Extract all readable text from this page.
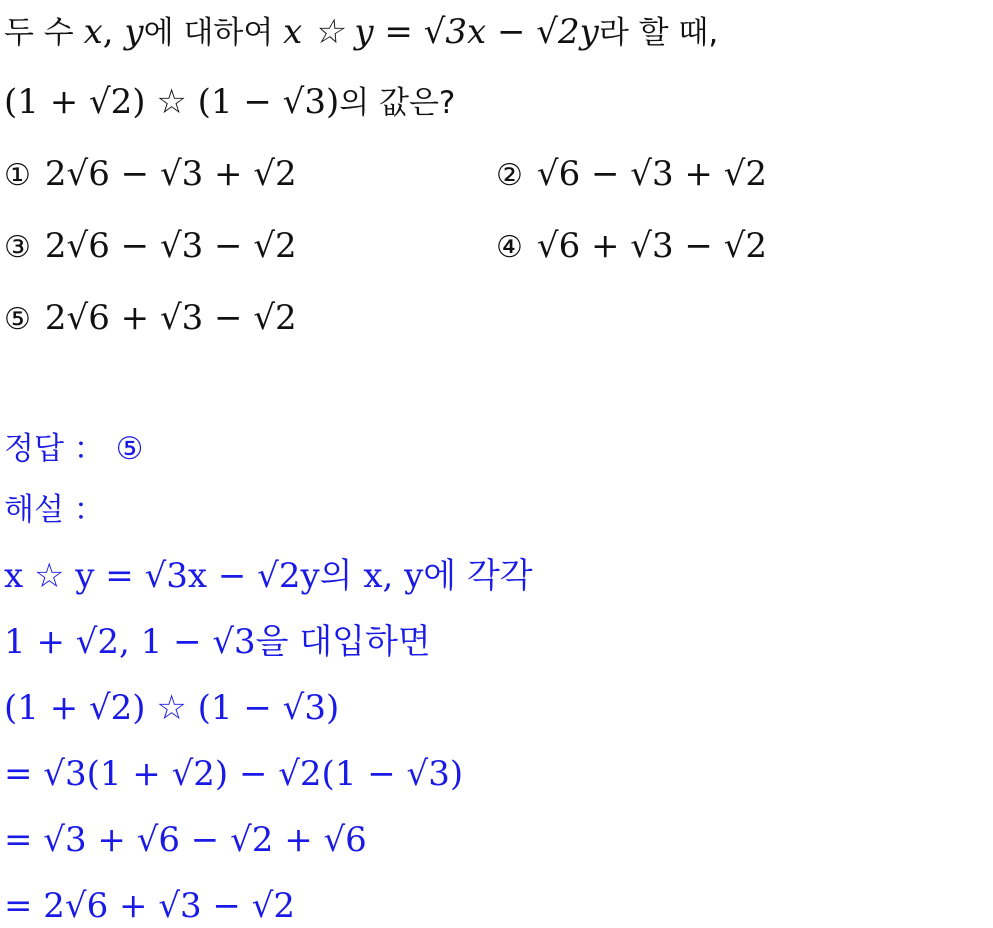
두 수 x, y에 대하여 x ☆ y = √3x − √2y라 할 때,
(1 + √2) ☆ (1 − √3)의 값은?
① 2√6 − √3 + √2	② √6 − √3 + √2
③ 2√6 − √3 − √2	④ √6 + √3 − √2
⑤ 2√6 + √3 − √2
정답 ： ⑤
해설 ：
x ☆ y = √3x − √2y의 x, y에 각각
1 + √2, 1 − √3을 대입하면
(1 + √2) ☆ (1 − √3)
= √3(1 + √2) − √2(1 − √3)
= √3 + √6 − √2 + √6
= 2√6 + √3 − √2
